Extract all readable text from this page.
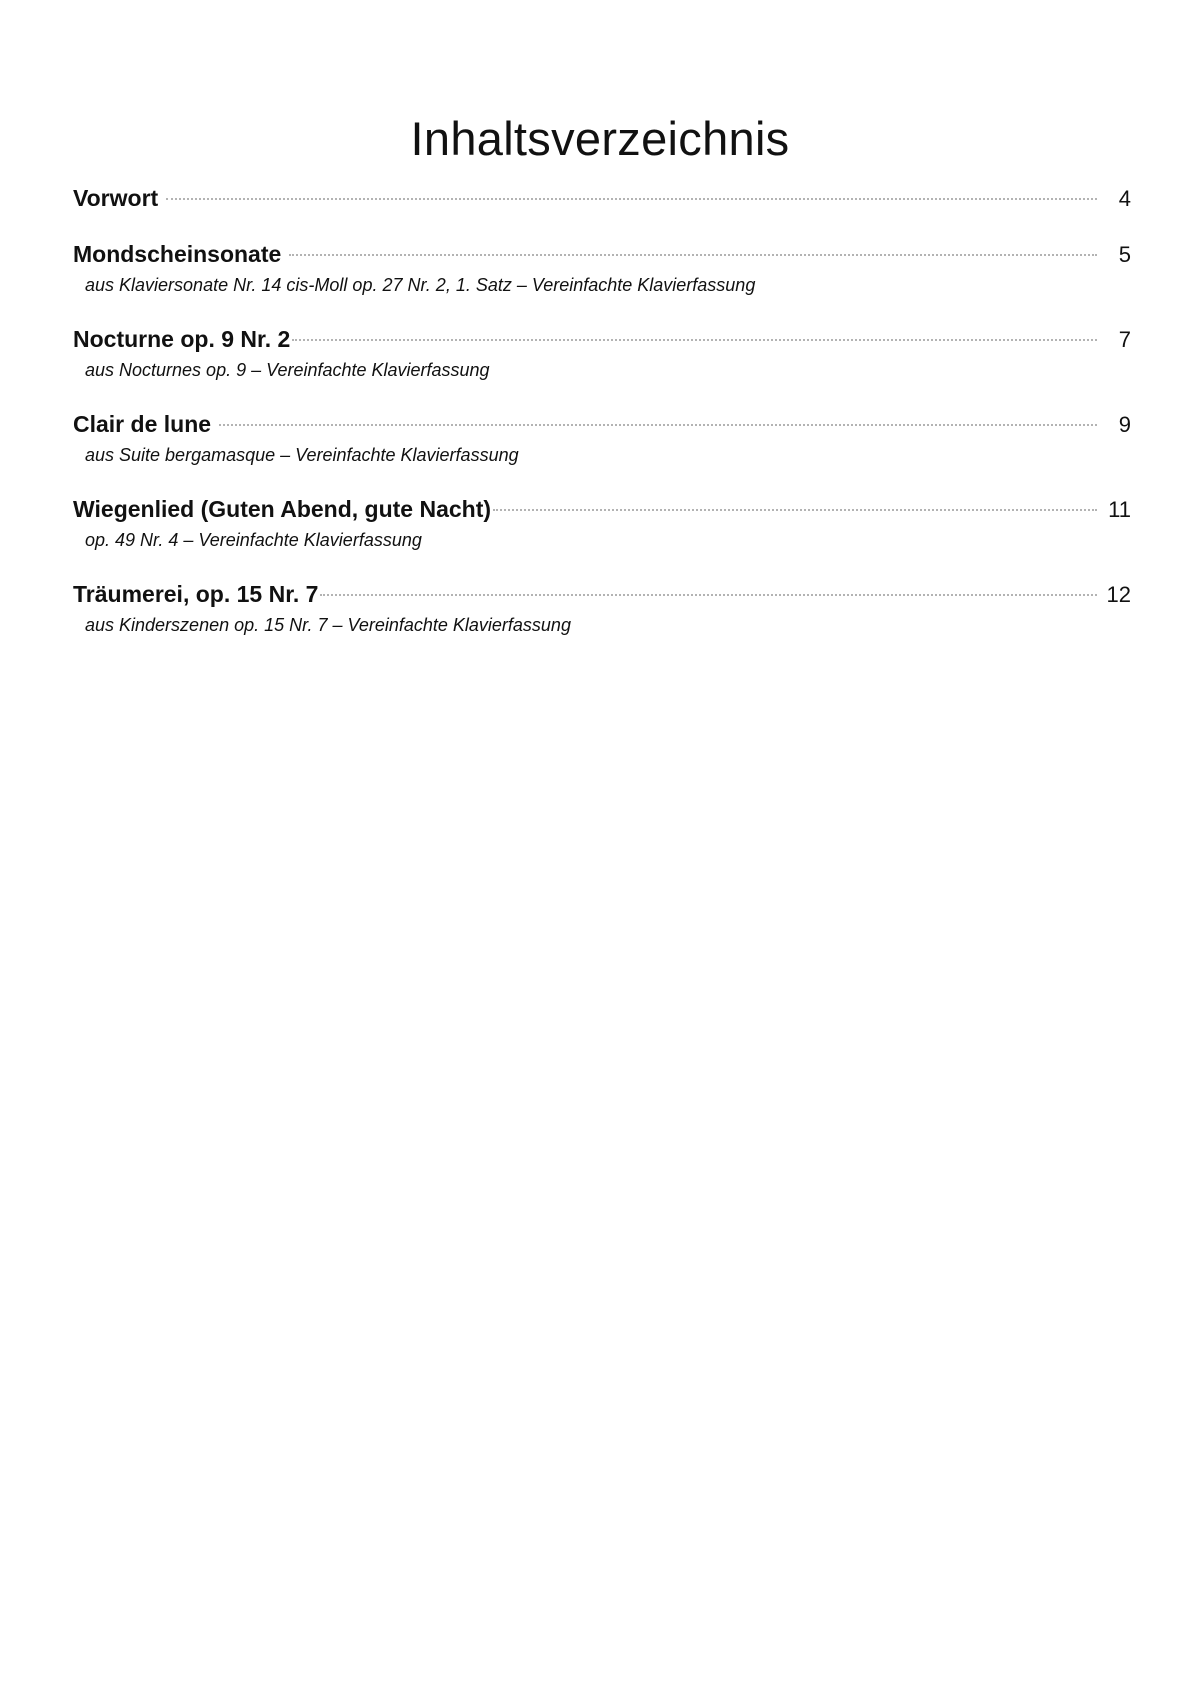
Inhaltsverzeichnis
Vorwort	4
Mondscheinsonate	5
aus Klaviersonate Nr. 14 cis-Moll op. 27 Nr. 2, 1. Satz – Vereinfachte Klavierfassung
Nocturne op. 9 Nr. 2	7
aus Nocturnes op. 9 – Vereinfachte Klavierfassung
Clair de lune	9
aus Suite bergamasque – Vereinfachte Klavierfassung
Wiegenlied (Guten Abend, gute Nacht)	11
op. 49 Nr. 4 – Vereinfachte Klavierfassung
Träumerei, op. 15 Nr. 7	12
aus Kinderszenen op. 15 Nr. 7 – Vereinfachte Klavierfassung
